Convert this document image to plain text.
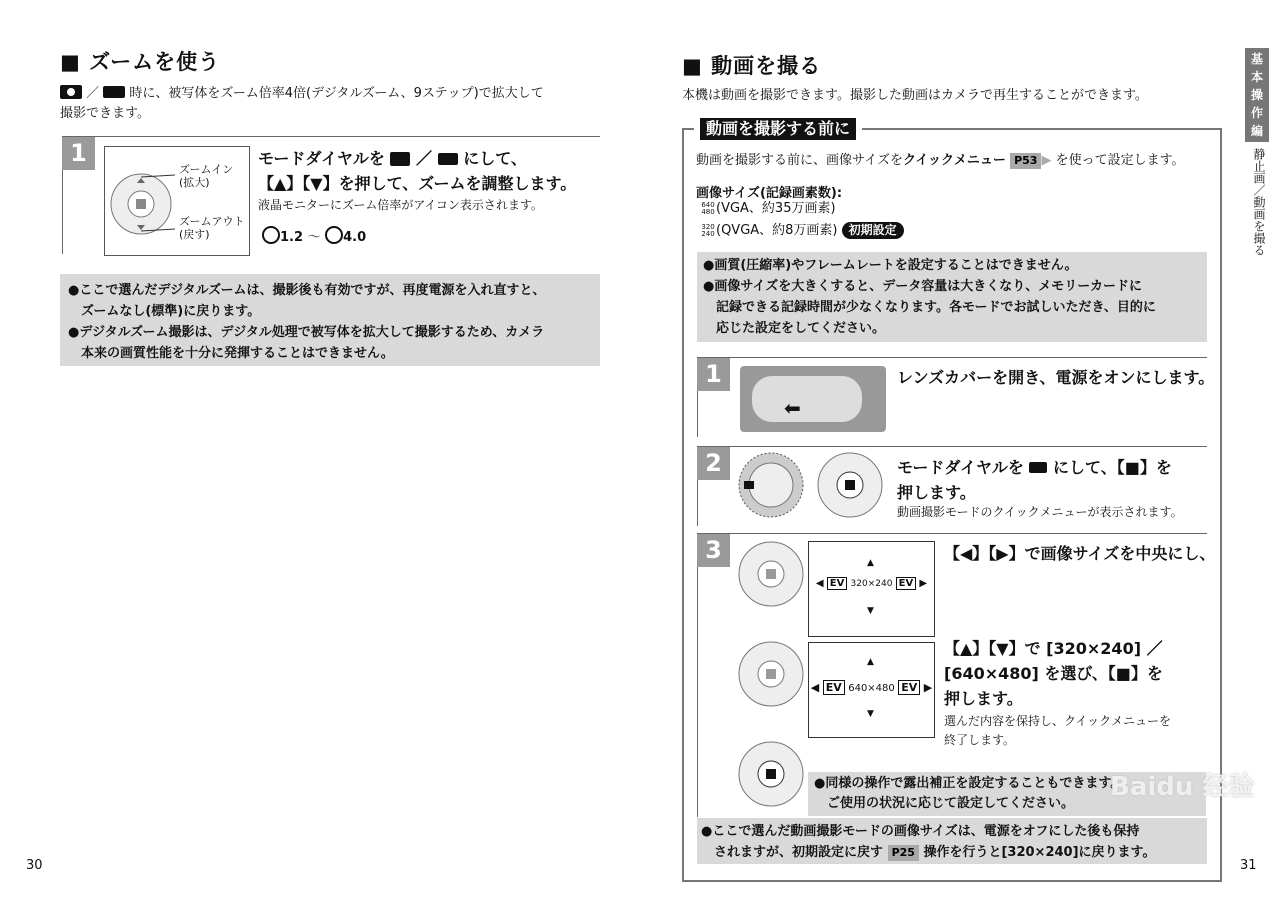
■ ズームを使う
／  時に、被写体をズーム倍率4倍(デジタルズーム、9ステップ)で拡大して
撮影できます。
1
ズームイン
(拡大)
ズームアウト
(戻す)
モードダイヤルを  ／  にして、
【▲】【▼】を押して、ズームを調整します。
液晶モニターにズーム倍率がアイコン表示されます。
1.2 〜 4.0
●ここで選んだデジタルズームは、撮影後も有効ですが、再度電源を入れ直すと、
　ズームなし(標準)に戻ります。
●デジタルズーム撮影は、デジタル処理で被写体を拡大して撮影するため、カメラ
　本来の画質性能を十分に発揮することはできません。
30
■ 動画を撮る
本機は動画を撮影できます。撮影した動画はカメラで再生することができます。
動画を撮影する前に
動画を撮影する前に、画像サイズをクイックメニュー P53 ▶ を使って設定します。
画像サイズ(記録画素数):
640
480(VGA、約35万画素)
320
240(QVGA、約8万画素) 初期設定
●画質(圧縮率)やフレームレートを設定することはできません。
●画像サイズを大きくすると、データ容量は大きくなり、メモリーカードに
　記録できる記録時間が少なくなります。各モードでお試しいただき、目的に
　応じた設定をしてください。
1
⬅
レンズカバーを開き、電源をオンにします。
2	モードダイヤルを にして、【■】を
押します。
動画撮影モードのクイックメニューが表示されます。
3
◀ EV 320×240 EV ▶
▲
▼
【◀】【▶】で画像サイズを中央にし、
◀ EV 640×480 EV ▶
▲
▼
【▲】【▼】で [320×240] ／
[640×480] を選び、【■】を
押します。
選んだ内容を保持し、クイックメニューを
終了します。
●同様の操作で露出補正を設定することもできます。
　ご使用の状況に応じて設定してください。
●ここで選んだ動画撮影モードの画像サイズは、電源をオフにした後も保持
　されますが、初期設定に戻す P25 操作を行うと[320×240]に戻ります。
Baidu 经验
基
本
操
作
編
静止画／動画を撮る
31
